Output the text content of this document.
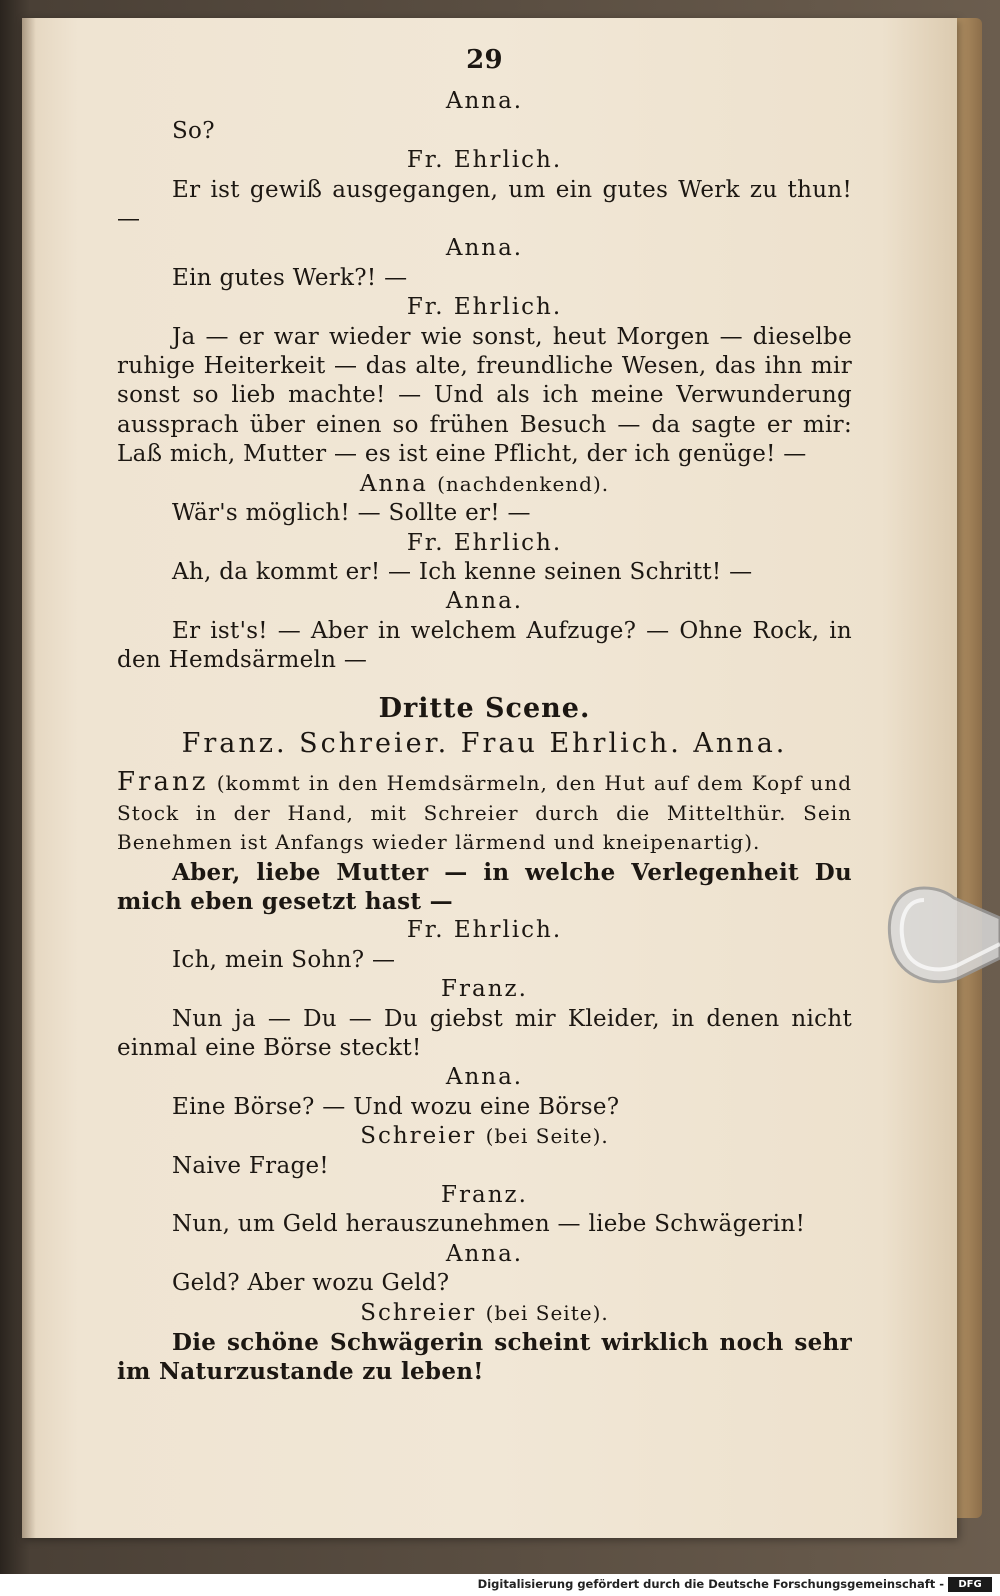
29
Anna.
So?
Fr. Ehrlich.
Er ist gewiß ausgegangen, um ein gutes Werk zu thun! —
Anna.
Ein gutes Werk?! —
Fr. Ehrlich.
Ja — er war wieder wie sonst, heut Morgen — dieselbe ruhige Heiterkeit — das alte, freundliche Wesen, das ihn mir sonst so lieb machte! — Und als ich meine Verwunderung aussprach über einen so frühen Besuch — da sagte er mir: Laß mich, Mutter — es ist eine Pflicht, der ich genüge! —
Anna (nachdenkend).
Wär's möglich! — Sollte er! —
Fr. Ehrlich.
Ah, da kommt er! — Ich kenne seinen Schritt! —
Anna.
Er ist's! — Aber in welchem Aufzuge? — Ohne Rock, in den Hemdsärmeln —
Dritte Scene.
Franz. Schreier. Frau Ehrlich. Anna.
Franz (kommt in den Hemdsärmeln, den Hut auf dem Kopf und Stock in der Hand, mit Schreier durch die Mittelthür. Sein Benehmen ist Anfangs wieder lärmend und kneipenartig).
Aber, liebe Mutter — in welche Verlegenheit Du mich eben gesetzt hast —
Fr. Ehrlich.
Ich, mein Sohn? —
Franz.
Nun ja — Du — Du giebst mir Kleider, in denen nicht einmal eine Börse steckt!
Anna.
Eine Börse? — Und wozu eine Börse?
Schreier (bei Seite).
Naive Frage!
Franz.
Nun, um Geld herauszunehmen — liebe Schwägerin!
Anna.
Geld? Aber wozu Geld?
Schreier (bei Seite).
Die schöne Schwägerin scheint wirklich noch sehr im Naturzustande zu leben!
Digitalisierung gefördert durch die Deutsche Forschungsgemeinschaft -	DFG
